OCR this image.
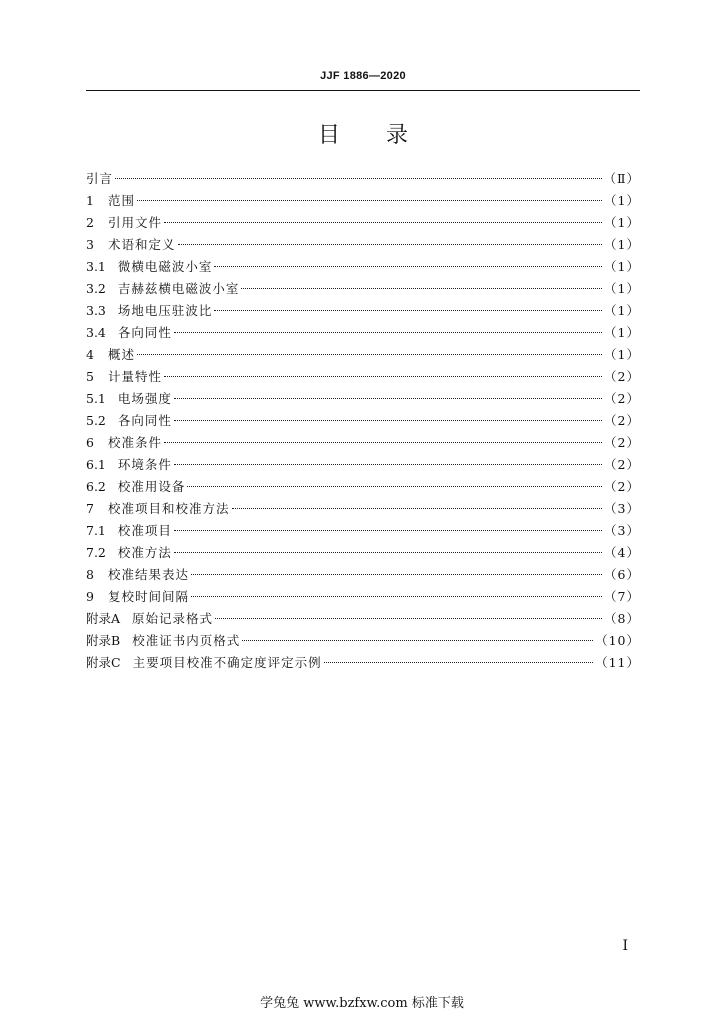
JJF 1886—2020
目录
引言	（Ⅱ）
1 范围	（1）
2 引用文件	（1）
3 术语和定义	（1）
3.1 微横电磁波小室	（1）
3.2 吉赫兹横电磁波小室	（1）
3.3 场地电压驻波比	（1）
3.4 各向同性	（1）
4 概述	（1）
5 计量特性	（2）
5.1 电场强度	（2）
5.2 各向同性	（2）
6 校准条件	（2）
6.1 环境条件	（2）
6.2 校准用设备	（2）
7 校准项目和校准方法	（3）
7.1 校准项目	（3）
7.2 校准方法	（4）
8 校准结果表达	（6）
9 复校时间间隔	（7）
附录A 原始记录格式	（8）
附录B 校准证书内页格式	（10）
附录C 主要项目校准不确定度评定示例	（11）
I
学兔兔 www.bzfxw.com 标准下载
